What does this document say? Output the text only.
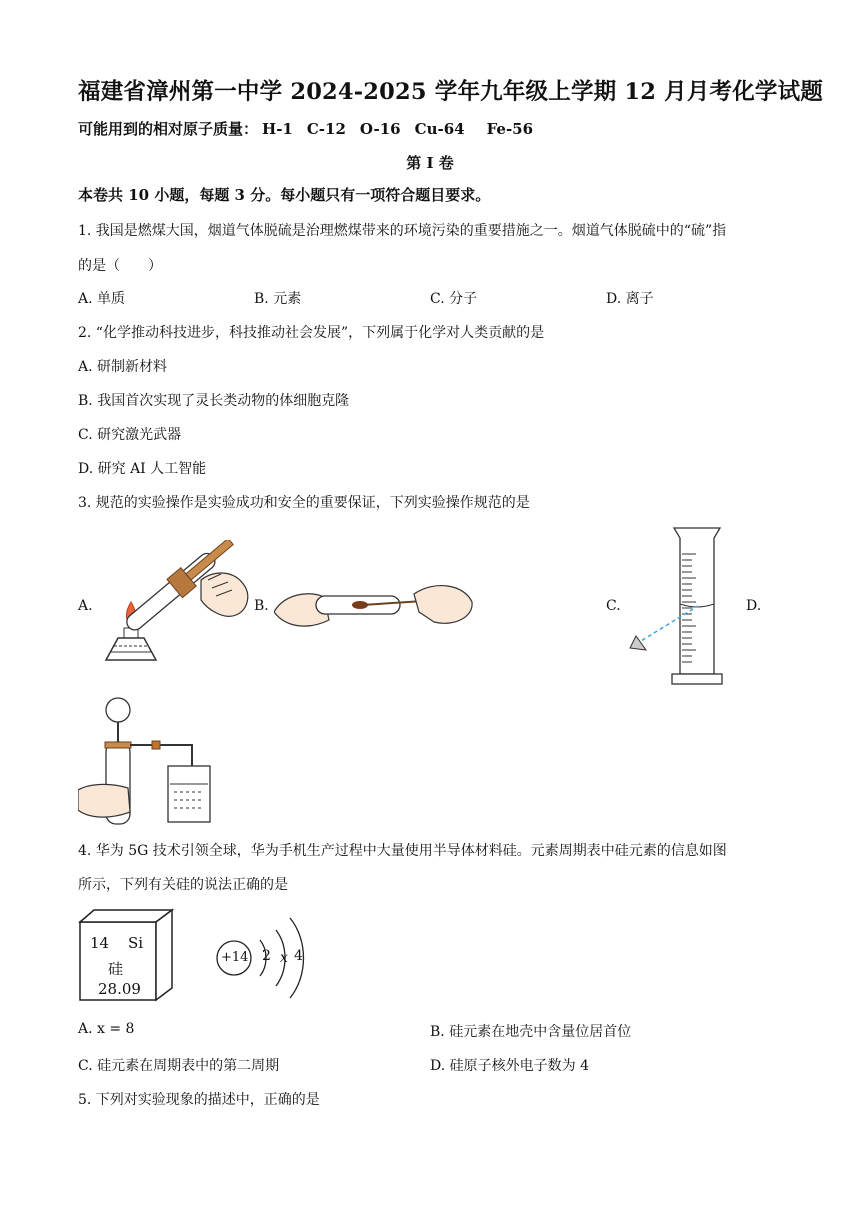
福建省漳州第一中学 2024-2025 学年九年级上学期 12 月月考化学试题
可能用到的相对原子质量： H-1 C-12 O-16 Cu-64 Fe-56
第 I 卷
本卷共 10 小题，每题 3 分。每小题只有一项符合题目要求。
1. 我国是燃煤大国，烟道气体脱硫是治理燃煤带来的环境污染的重要措施之一。烟道气体脱硫中的“硫”指
的是（　　）
A. 单质	B. 元素	C. 分子	D. 离子
2. “化学推动科技进步，科技推动社会发展”，下列属于化学对人类贡献的是
A. 研制新材料
B. 我国首次实现了灵长类动物的体细胞克隆
C. 研究激光武器
D. 研究 AI 人工智能
3. 规范的实验操作是实验成功和安全的重要保证，下列实验操作规范的是
A.	B.	C.	D.
4. 华为 5G 技术引领全球，华为手机生产过程中大量使用半导体材料硅。元素周期表中硅元素的信息如图
所示，下列有关硅的说法正确的是
14 Si
硅
28.09
+14 2 x 4
A. x = 8	B. 硅元素在地壳中含量位居首位
C. 硅元素在周期表中的第二周期	D. 硅原子核外电子数为 4
5. 下列对实验现象的描述中，正确的是
